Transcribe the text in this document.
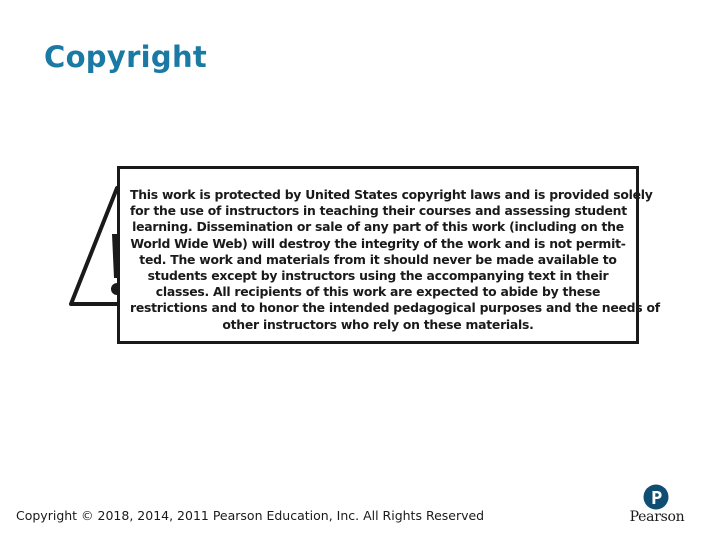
Copyright
This work is protected by United States copyright laws and is provided solely
for the use of instructors in teaching their courses and assessing student
learning. Dissemination or sale of any part of this work (including on the
World Wide Web) will destroy the integrity of the work and is not permit-
ted. The work and materials from it should never be made available to
students except by instructors using the accompanying text in their
classes. All recipients of this work are expected to abide by these
restrictions and to honor the intended pedagogical purposes and the needs of
other instructors who rely on these materials.
Copyright © 2018, 2014, 2011 Pearson Education, Inc. All Rights Reserved	Pearson
